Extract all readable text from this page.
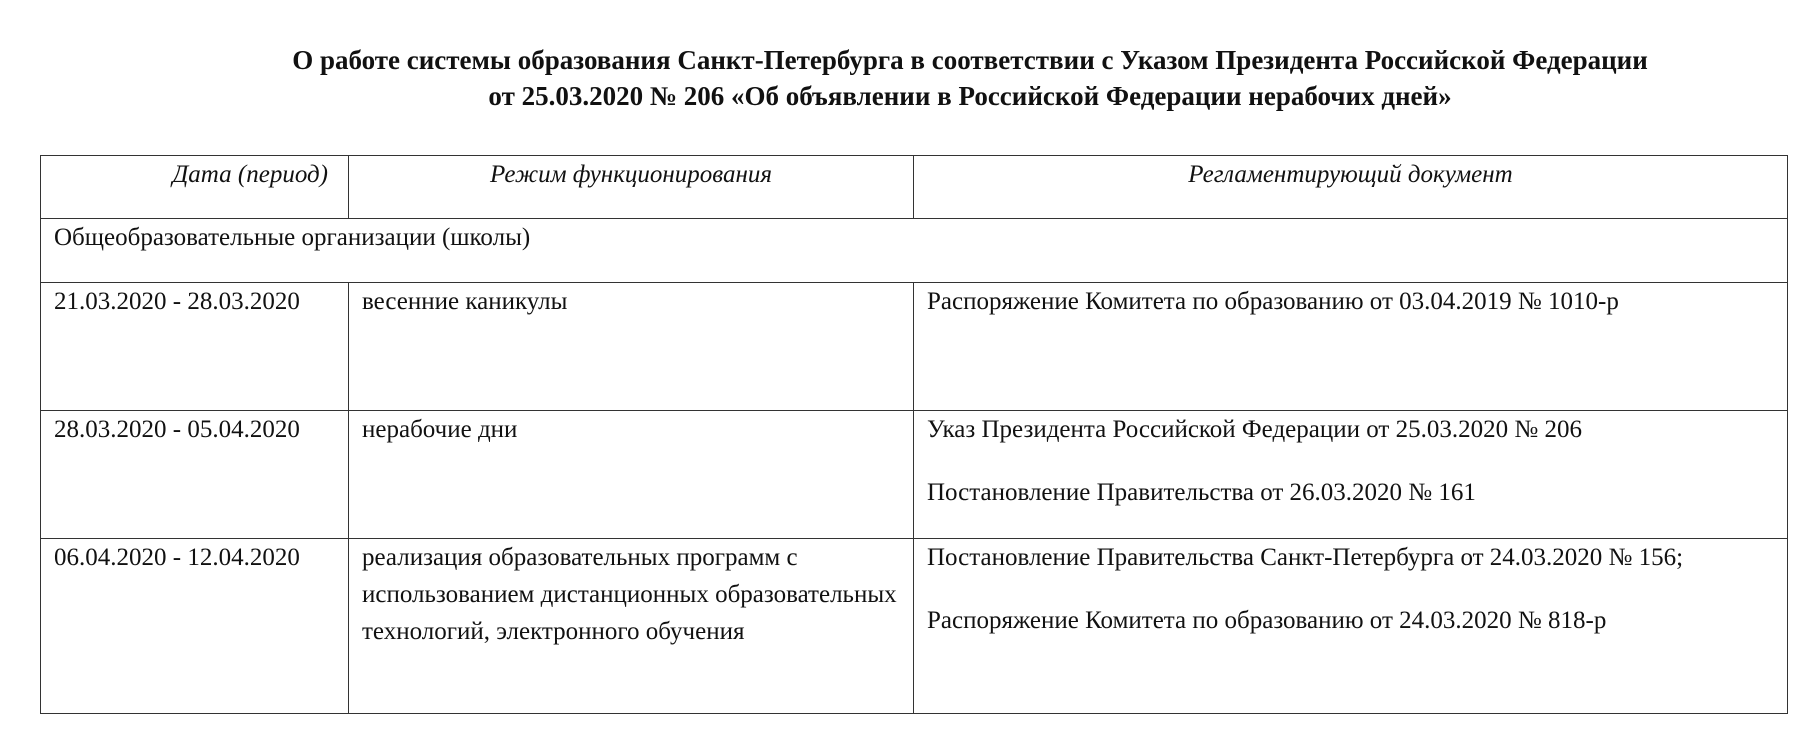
О работе системы образования Санкт-Петербурга в соответствии с Указом Президента Российской Федерации
от 25.03.2020 № 206 «Об объявлении в Российской Федерации нерабочих дней»
Дата (период)	Режим функционирования	Регламентирующий документ
Общеобразовательные организации (школы)		
21.03.2020 - 28.03.2020	весенние каникулы	Распоряжение Комитета по образованию от 03.04.2019 № 1010-р

28.03.2020 - 05.04.2020	нерабочие дни	Указ Президента Российской Федерации от 25.03.2020 № 206
Постановление Правительства от 26.03.2020 № 161

06.04.2020 - 12.04.2020	реализация образовательных программ с использованием дистанционных образовательных технологий, электронного обучения	Постановление Правительства Санкт-Петербурга от 24.03.2020 № 156;
Распоряжение Комитета по образованию от 24.03.2020 № 818-р
